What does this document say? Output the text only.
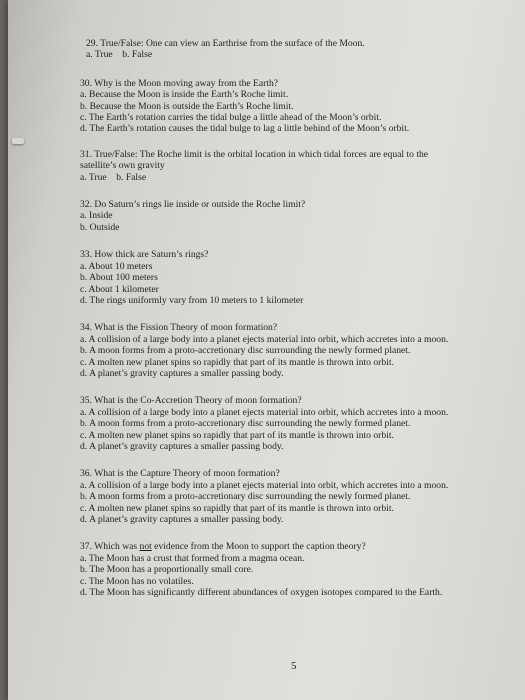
29. True/False: One can view an Earthrise from the surface of the Moon.
a. True    b. False
30. Why is the Moon moving away from the Earth?
a. Because the Moon is inside the Earth’s Roche limit.
b. Because the Moon is outside the Earth’s Roche limit.
c. The Earth’s rotation carries the tidal bulge a little ahead of the Moon’s orbit.
d. The Earth’s rotation causes the tidal bulge to lag a little behind of the Moon’s orbit.
31. True/False: The Roche limit is the orbital location in which tidal forces are equal to the
satellite’s own gravity
a. True    b. False
32. Do Saturn’s rings lie inside or outside the Roche limit?
a. Inside
b. Outside
33. How thick are Saturn’s rings?
a. About 10 meters
b. About 100 meters
c. About 1 kilometer
d. The rings uniformly vary from 10 meters to 1 kilometer
34. What is the Fission Theory of moon formation?
a. A collision of a large body into a planet ejects material into orbit, which accretes into a moon.
b. A moon forms from a proto-accretionary disc surrounding the newly formed planet.
c. A molten new planet spins so rapidly that part of its mantle is thrown into orbit.
d. A planet’s gravity captures a smaller passing body.
35. What is the Co-Accretion Theory of moon formation?
a. A collision of a large body into a planet ejects material into orbit, which accretes into a moon.
b. A moon forms from a proto-accretionary disc surrounding the newly formed planet.
c. A molten new planet spins so rapidly that part of its mantle is thrown into orbit.
d. A planet’s gravity captures a smaller passing body.
36. What is the Capture Theory of moon formation?
a. A collision of a large body into a planet ejects material into orbit, which accretes into a moon.
b. A moon forms from a proto-accretionary disc surrounding the newly formed planet.
c. A molten new planet spins so rapidly that part of its mantle is thrown into orbit.
d. A planet’s gravity captures a smaller passing body.
37. Which was not evidence from the Moon to support the caption theory?
a. The Moon has a crust that formed from a magma ocean.
b. The Moon has a proportionally small core.
c. The Moon has no volatiles.
d. The Moon has significantly different abundances of oxygen isotopes compared to the Earth.
5
